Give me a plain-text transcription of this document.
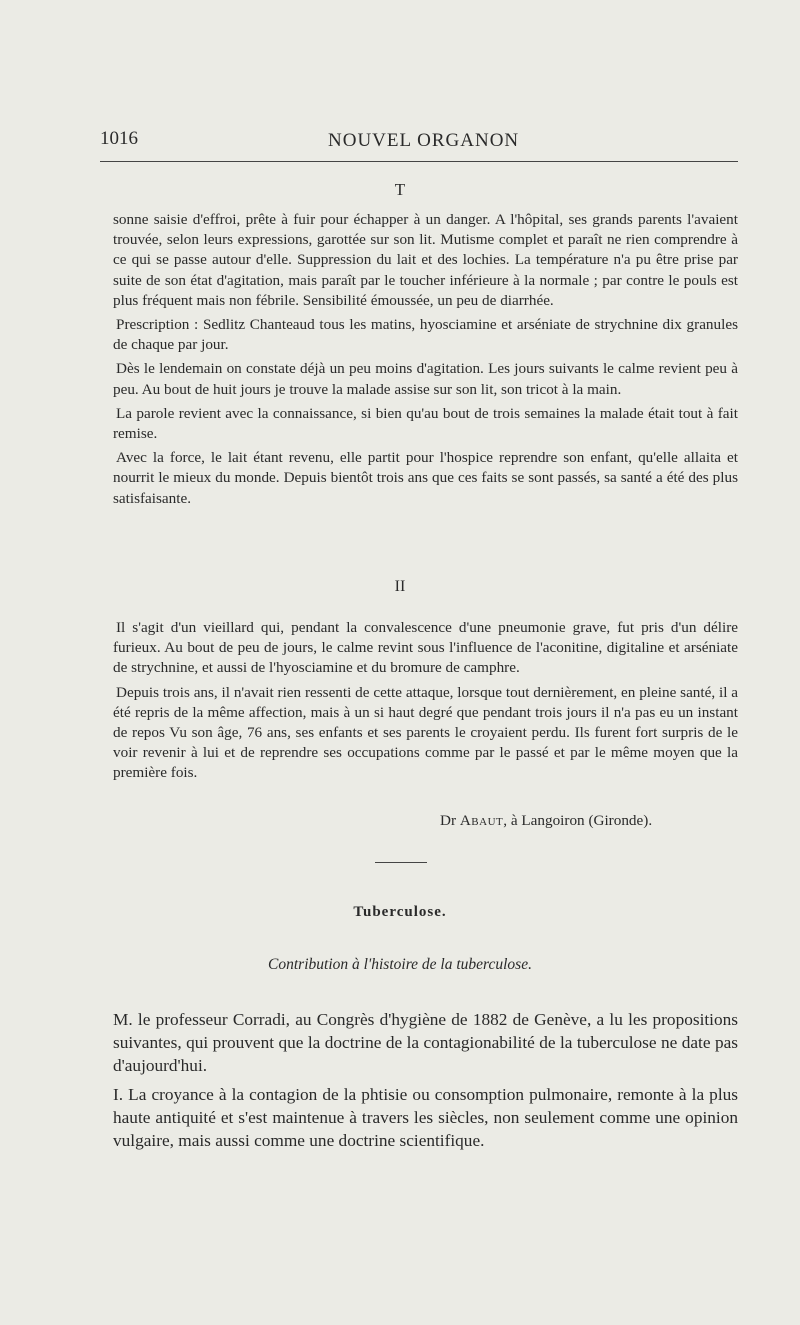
1016	NOUVEL ORGANON
T

sonne saisie d'effroi, prête à fuir pour échapper à un danger. A l'hôpital, ses grands parents l'avaient trouvée, selon leurs expressions, garottée sur son lit. Mutisme complet et paraît ne rien comprendre à ce qui se passe autour d'elle. Suppression du lait et des lochies. La température n'a pu être prise par suite de son état d'agitation, mais paraît par le toucher inférieure à la normale ; par contre le pouls est plus fréquent mais non fébrile. Sensibilité émoussée, un peu de diarrhée.

Prescription : Sedlitz Chanteaud tous les matins, hyosciamine et arséniate de strychnine dix granules de chaque par jour.

Dès le lendemain on constate déjà un peu moins d'agitation. Les jours suivants le calme revient peu à peu. Au bout de huit jours je trouve la malade assise sur son lit, son tricot à la main.

La parole revient avec la connaissance, si bien qu'au bout de trois semaines la malade était tout à fait remise.

Avec la force, le lait étant revenu, elle partit pour l'hospice reprendre son enfant, qu'elle allaita et nourrit le mieux du monde. Depuis bientôt trois ans que ces faits se sont passés, sa santé a été des plus satisfaisante.

II

Il s'agit d'un vieillard qui, pendant la convalescence d'une pneumonie grave, fut pris d'un délire furieux. Au bout de peu de jours, le calme revint sous l'influence de l'aconitine, digitaline et arséniate de strychnine, et aussi de l'hyosciamine et du bromure de camphre.

Depuis trois ans, il n'avait rien ressenti de cette attaque, lorsque tout dernièrement, en pleine santé, il a été repris de la même affection, mais à un si haut degré que pendant trois jours il n'a pas eu un instant de repos Vu son âge, 76 ans, ses enfants et ses parents le croyaient perdu. Ils furent fort surpris de le voir revenir à lui et de reprendre ses occupations comme par le passé et par le même moyen que la première fois.

Dr Abaut, à Langoiron (Gironde).
Tuberculose.
Contribution à l'histoire de la tuberculose.

M. le professeur Corradi, au Congrès d'hygiène de 1882 de Genève, a lu les propositions suivantes, qui prouvent que la doctrine de la contagionabilité de la tuberculose ne date pas d'aujourd'hui.

I. La croyance à la contagion de la phtisie ou consomption pulmonaire, remonte à la plus haute antiquité et s'est maintenue à travers les siècles, non seulement comme une opinion vulgaire, mais aussi comme une doctrine scientifique.
